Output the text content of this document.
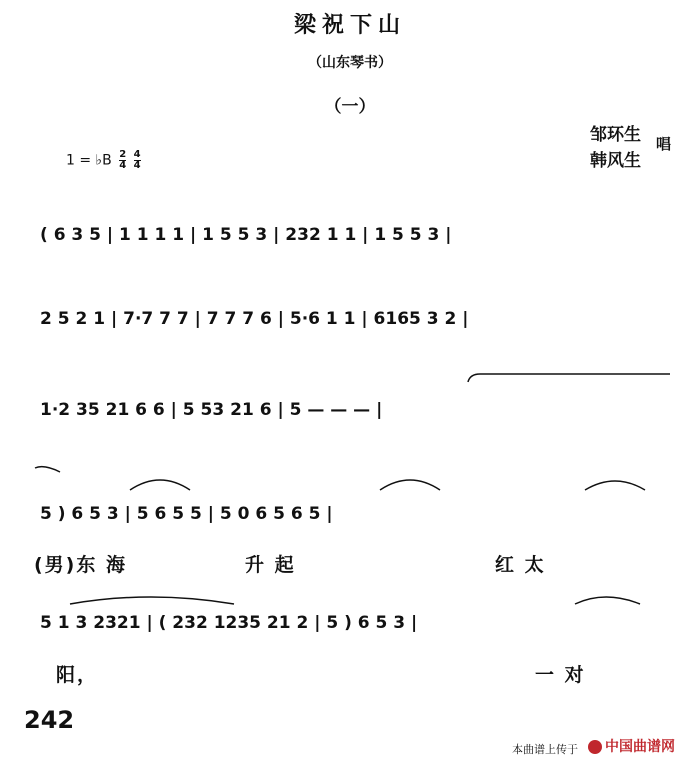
梁祝下山
（山东琴书）
（一）
邹环生
韩风生
唱
1 = ♭B $\frac{2}{4} \frac{4}{4}$
( 6 3 5 | 1 1 1 1 | 1 5 5 3 | 232 1 1 | 1 5 5 3 |
2 5 2 1 | 7·7 7 7 | 7 7 7 6 | 5·6 1 1 | 6165 3 2 |
1·2 35 21 6 6 | 5 53 21 6 | 5 — — — |
5 ) 6 5 3 | 5 6 5 5 | 5 0 6 5 6 5 |
5 1 3 2321 | ( 232 1235 21 2 | 5 ) 6 5 3 |
(男)东 海	升 起	红 太
阳，	一 对
242
本曲谱上传于	中国曲谱网
